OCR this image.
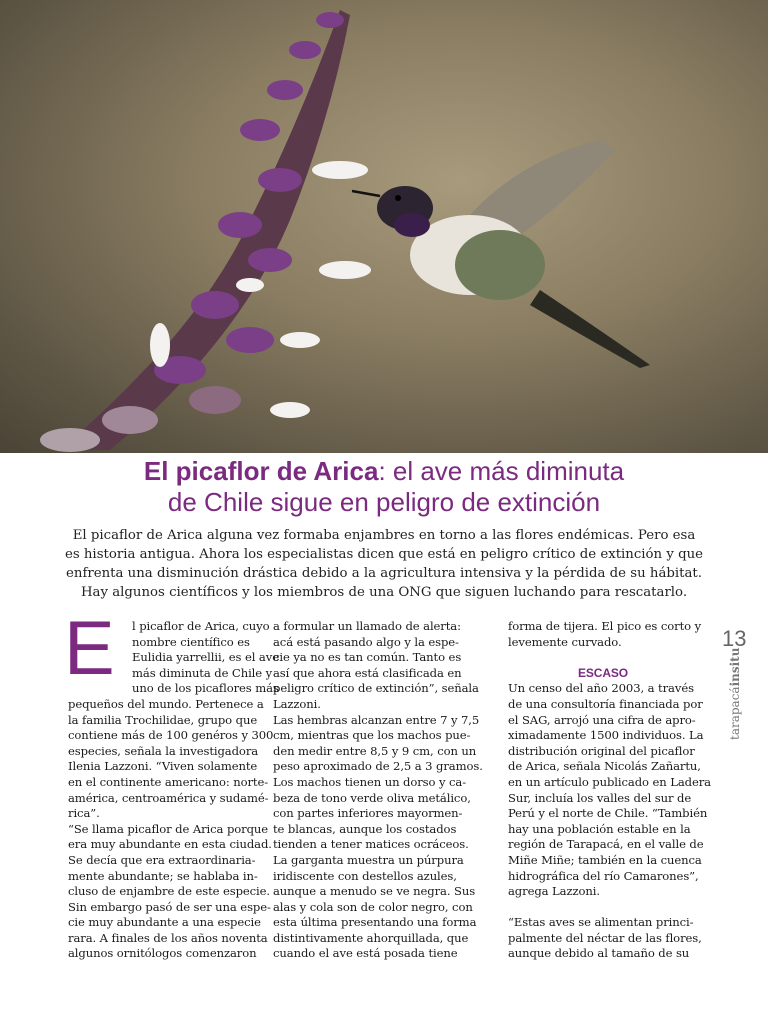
El picaflor de Arica: el ave más diminuta
de Chile sigue en peligro de extinción
El picaflor de Arica alguna vez formaba enjambres en torno a las flores endémicas. Pero esa
es historia antigua. Ahora los especialistas dicen que está en peligro crítico de extinción y que
enfrenta una disminución drástica debido a la agricultura intensiva y la pérdida de su hábitat.
Hay algunos científicos y los miembros de una ONG que siguen luchando para rescatarlo.
E	l picaflor de Arica, cuyo
nombre científico es
Eulidia yarrellii, es el ave
más diminuta de Chile y
uno de los picaflores más
pequeños del mundo. Pertenece a
la familia Trochilidae, grupo que
contiene más de 100 genéros y 300
especies, señala la investigadora
Ilenia Lazzoni. “Viven solamente
en el continente americano: norte-
américa, centroamérica y sudamé-
rica”.
“Se llama picaflor de Arica porque
era muy abundante en esta ciudad.
Se decía que era extraordinaria-
mente abundante; se hablaba in-
cluso de enjambre de este especie.
Sin embargo pasó de ser una espe-
cie muy abundante a una especie
rara. A finales de los años noventa
algunos ornitólogos comenzaron
a formular un llamado de alerta:
acá está pasando algo y la espe-
cie ya no es tan común. Tanto es
así que ahora está clasificada en
peligro crítico de extinción”, señala
Lazzoni.
Las hembras alcanzan entre 7 y 7,5
cm, mientras que los machos pue-
den medir entre 8,5 y 9 cm, con un
peso aproximado de 2,5 a 3 gramos.
Los machos tienen un dorso y ca-
beza de tono verde oliva metálico,
con partes inferiores mayormen-
te blancas, aunque los costados
tienden a tener matices ocráceos.
La garganta muestra un púrpura
iridiscente con destellos azules,
aunque a menudo se ve negra. Sus
alas y cola son de color negro, con
esta última presentando una forma
distintivamente ahorquillada, que
cuando el ave está posada tiene
forma de tijera. El pico es corto y
levemente curvado.
ESCASO
Un censo del año 2003, a través
de una consultoría financiada por
el SAG, arrojó una cifra de apro-
ximadamente 1500 individuos. La
distribución original del picaflor
de Arica, señala Nicolás Zañartu,
en un artículo publicado en Ladera
Sur, incluía los valles del sur de
Perú y el norte de Chile. “También
hay una población estable en la
región de Tarapacá, en el valle de
Miñe Miñe; también en la cuenca
hidrográfica del río Camarones”,
agrega Lazzoni.
“Estas aves se alimentan princi-
palmente del néctar de las flores,
aunque debido al tamaño de su
13
tarapacáinsitu
